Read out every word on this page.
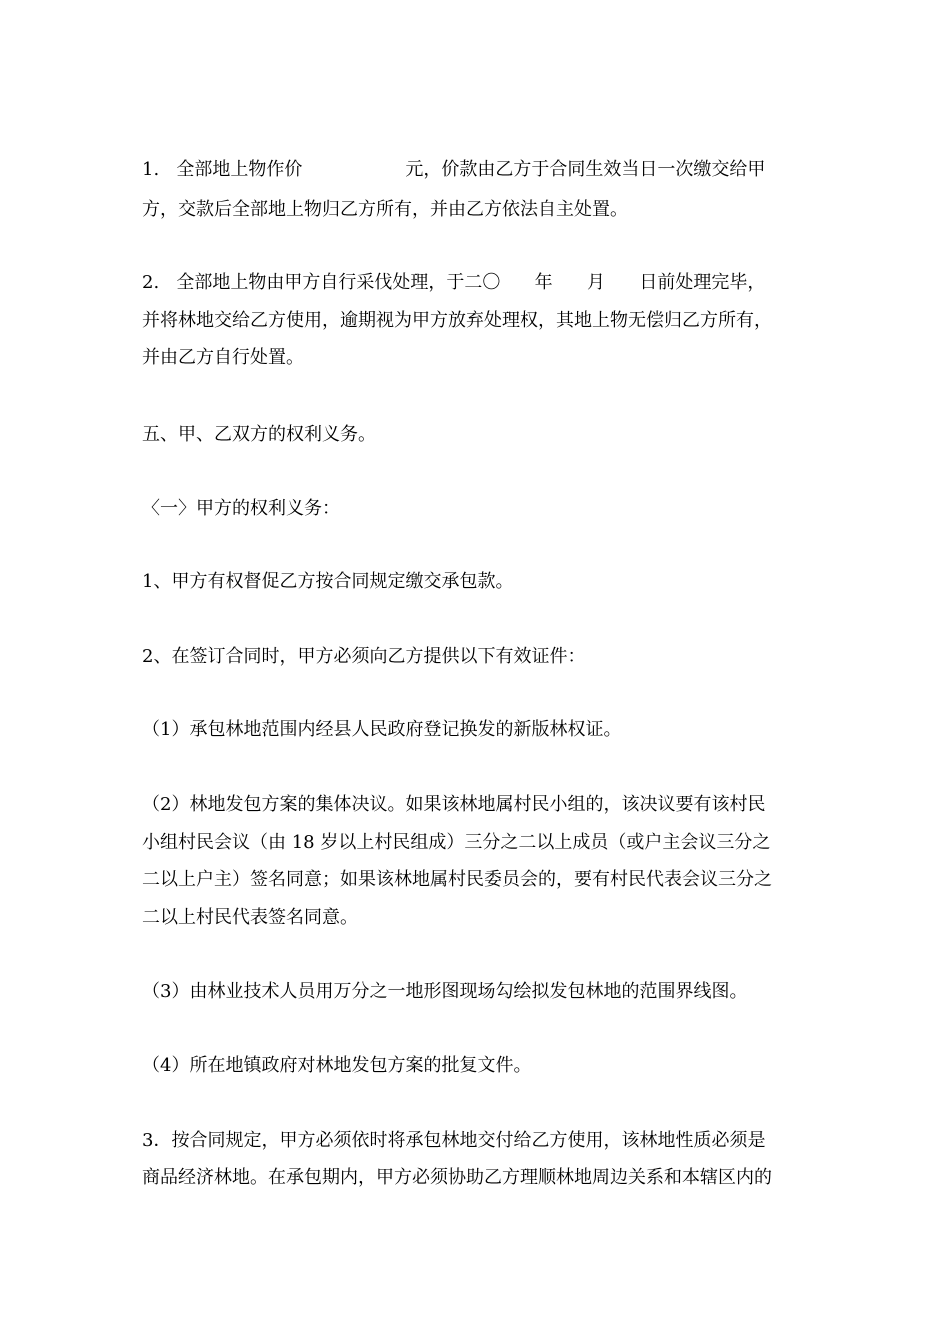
1.   全部地上物作价                  元，价款由乙方于合同生效当日一次缴交给甲
方，交款后全部地上物归乙方所有，并由乙方依法自主处置。
2.   全部地上物由甲方自行采伐处理，于二〇      年      月      日前处理完毕，
并将林地交给乙方使用，逾期视为甲方放弃处理权，其地上物无偿归乙方所有，
并由乙方自行处置。
五、甲、乙双方的权利义务。
〈一〉甲方的权利义务：
1、甲方有权督促乙方按合同规定缴交承包款。
2、在签订合同时，甲方必须向乙方提供以下有效证件：
（1）承包林地范围内经县人民政府登记换发的新版林权证。
（2）林地发包方案的集体决议。如果该林地属村民小组的，该决议要有该村民
小组村民会议（由 18 岁以上村民组成）三分之二以上成员（或户主会议三分之
二以上户主）签名同意；如果该林地属村民委员会的，要有村民代表会议三分之
二以上村民代表签名同意。
（3）由林业技术人员用万分之一地形图现场勾绘拟发包林地的范围界线图。
（4）所在地镇政府对林地发包方案的批复文件。
3．按合同规定，甲方必须依时将承包林地交付给乙方使用，该林地性质必须是
商品经济林地。在承包期内，甲方必须协助乙方理顺林地周边关系和本辖区内的
